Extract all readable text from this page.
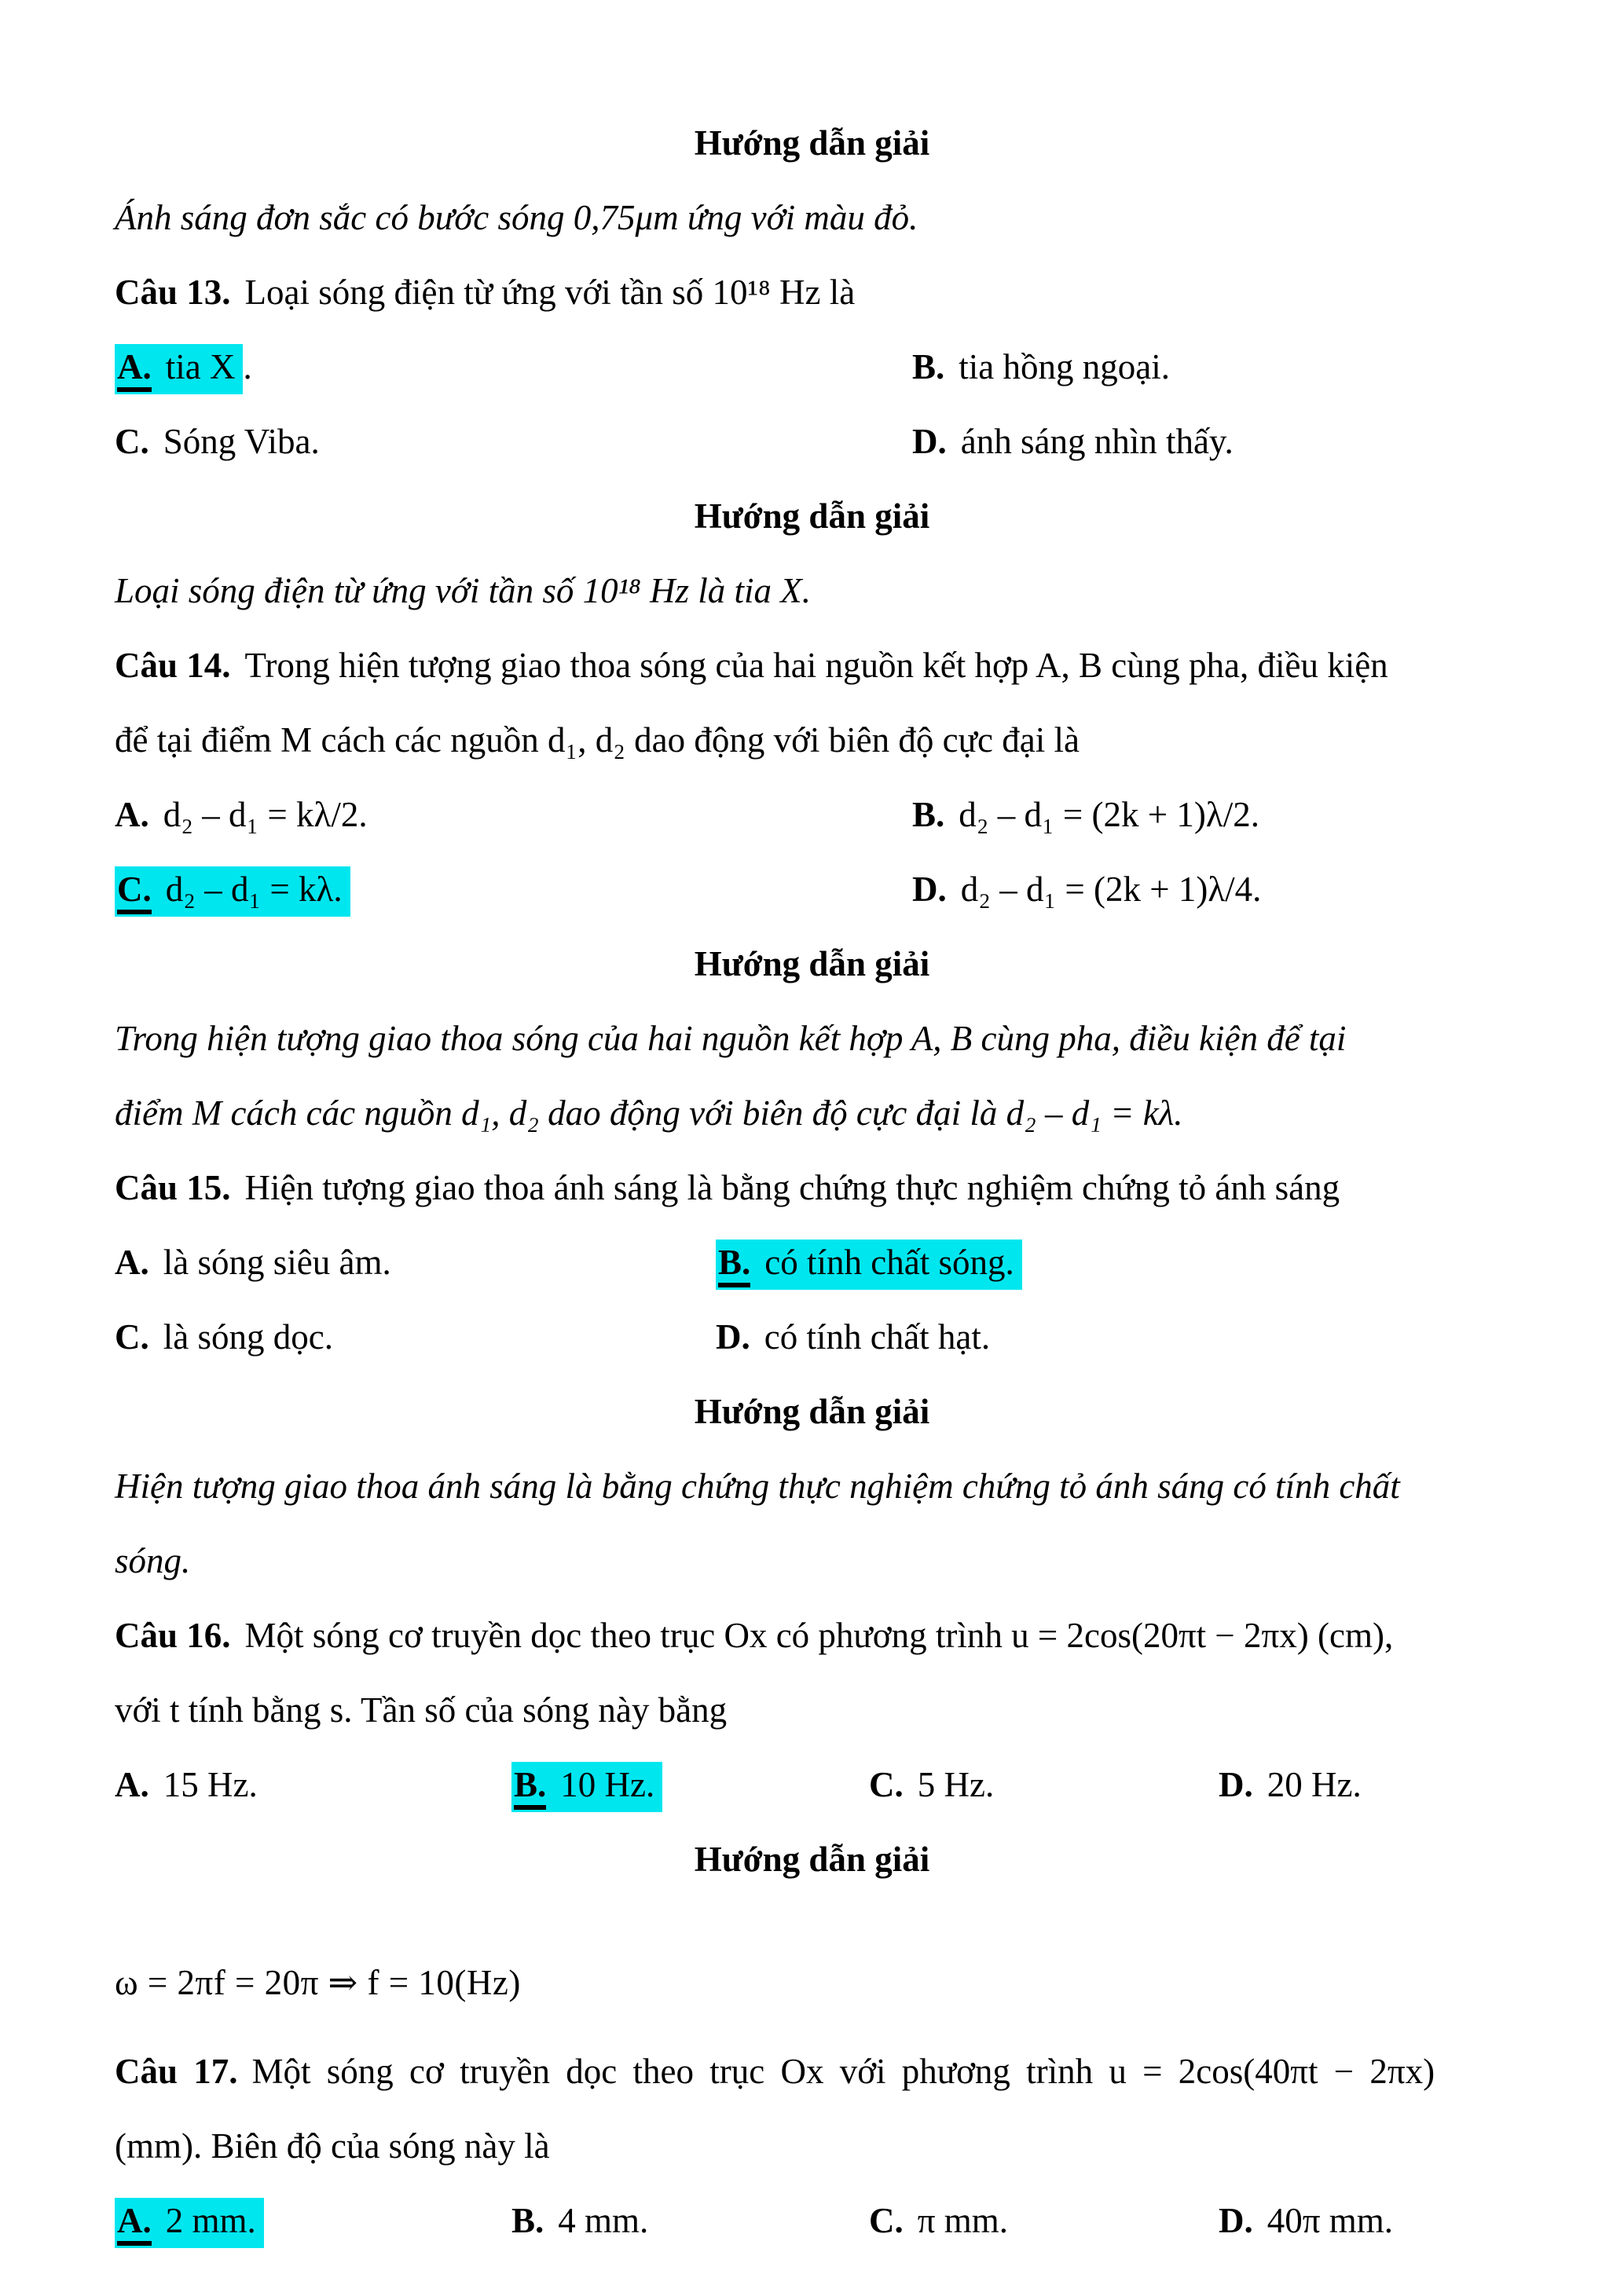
Hướng dẫn giải

Ánh sáng đơn sắc có bước sóng 0,75μm ứng với màu đỏ.

Câu 13. Loại sóng điện từ ứng với tần số 10¹⁸ Hz là

A. tia X .	B. tia hồng ngoại.
C. Sóng Viba.	D. ánh sáng nhìn thấy.

Hướng dẫn giải

Loại sóng điện từ ứng với tần số 10¹⁸ Hz là tia X.

Câu 14. Trong hiện tượng giao thoa sóng của hai nguồn kết hợp A, B cùng pha, điều kiện

để tại điểm M cách các nguồn d₁, d₂ dao động với biên độ cực đại là

A. d₂ – d₁ = kλ/2.	B. d₂ – d₁ = (2k + 1)λ/2.
C. d₂ – d₁ = kλ.	D. d₂ – d₁ = (2k + 1)λ/4.

Hướng dẫn giải

Trong hiện tượng giao thoa sóng của hai nguồn kết hợp A, B cùng pha, điều kiện để tại

điểm M cách các nguồn d₁, d₂ dao động với biên độ cực đại là d₂ – d₁ = kλ.

Câu 15. Hiện tượng giao thoa ánh sáng là bằng chứng thực nghiệm chứng tỏ ánh sáng

A. là sóng siêu âm.	B. có tính chất sóng.
C. là sóng dọc.	D. có tính chất hạt.

Hướng dẫn giải

Hiện tượng giao thoa ánh sáng là bằng chứng thực nghiệm chứng tỏ ánh sáng có tính chất

sóng.

Câu 16. Một sóng cơ truyền dọc theo trục Ox có phương trình u = 2cos(20πt − 2πx) (cm),

với t tính bằng s. Tần số của sóng này bằng

A. 15 Hz.	B. 10 Hz.	C. 5 Hz.	D. 20 Hz.

Hướng dẫn giải

ω = 2πf = 20π ⇒ f = 10(Hz)

Câu 17. Một sóng cơ truyền dọc theo trục Ox với phương trình u = 2cos(40πt − 2πx)

(mm). Biên độ của sóng này là

A. 2 mm.	B. 4 mm.	C. π mm.	D. 40π mm.
